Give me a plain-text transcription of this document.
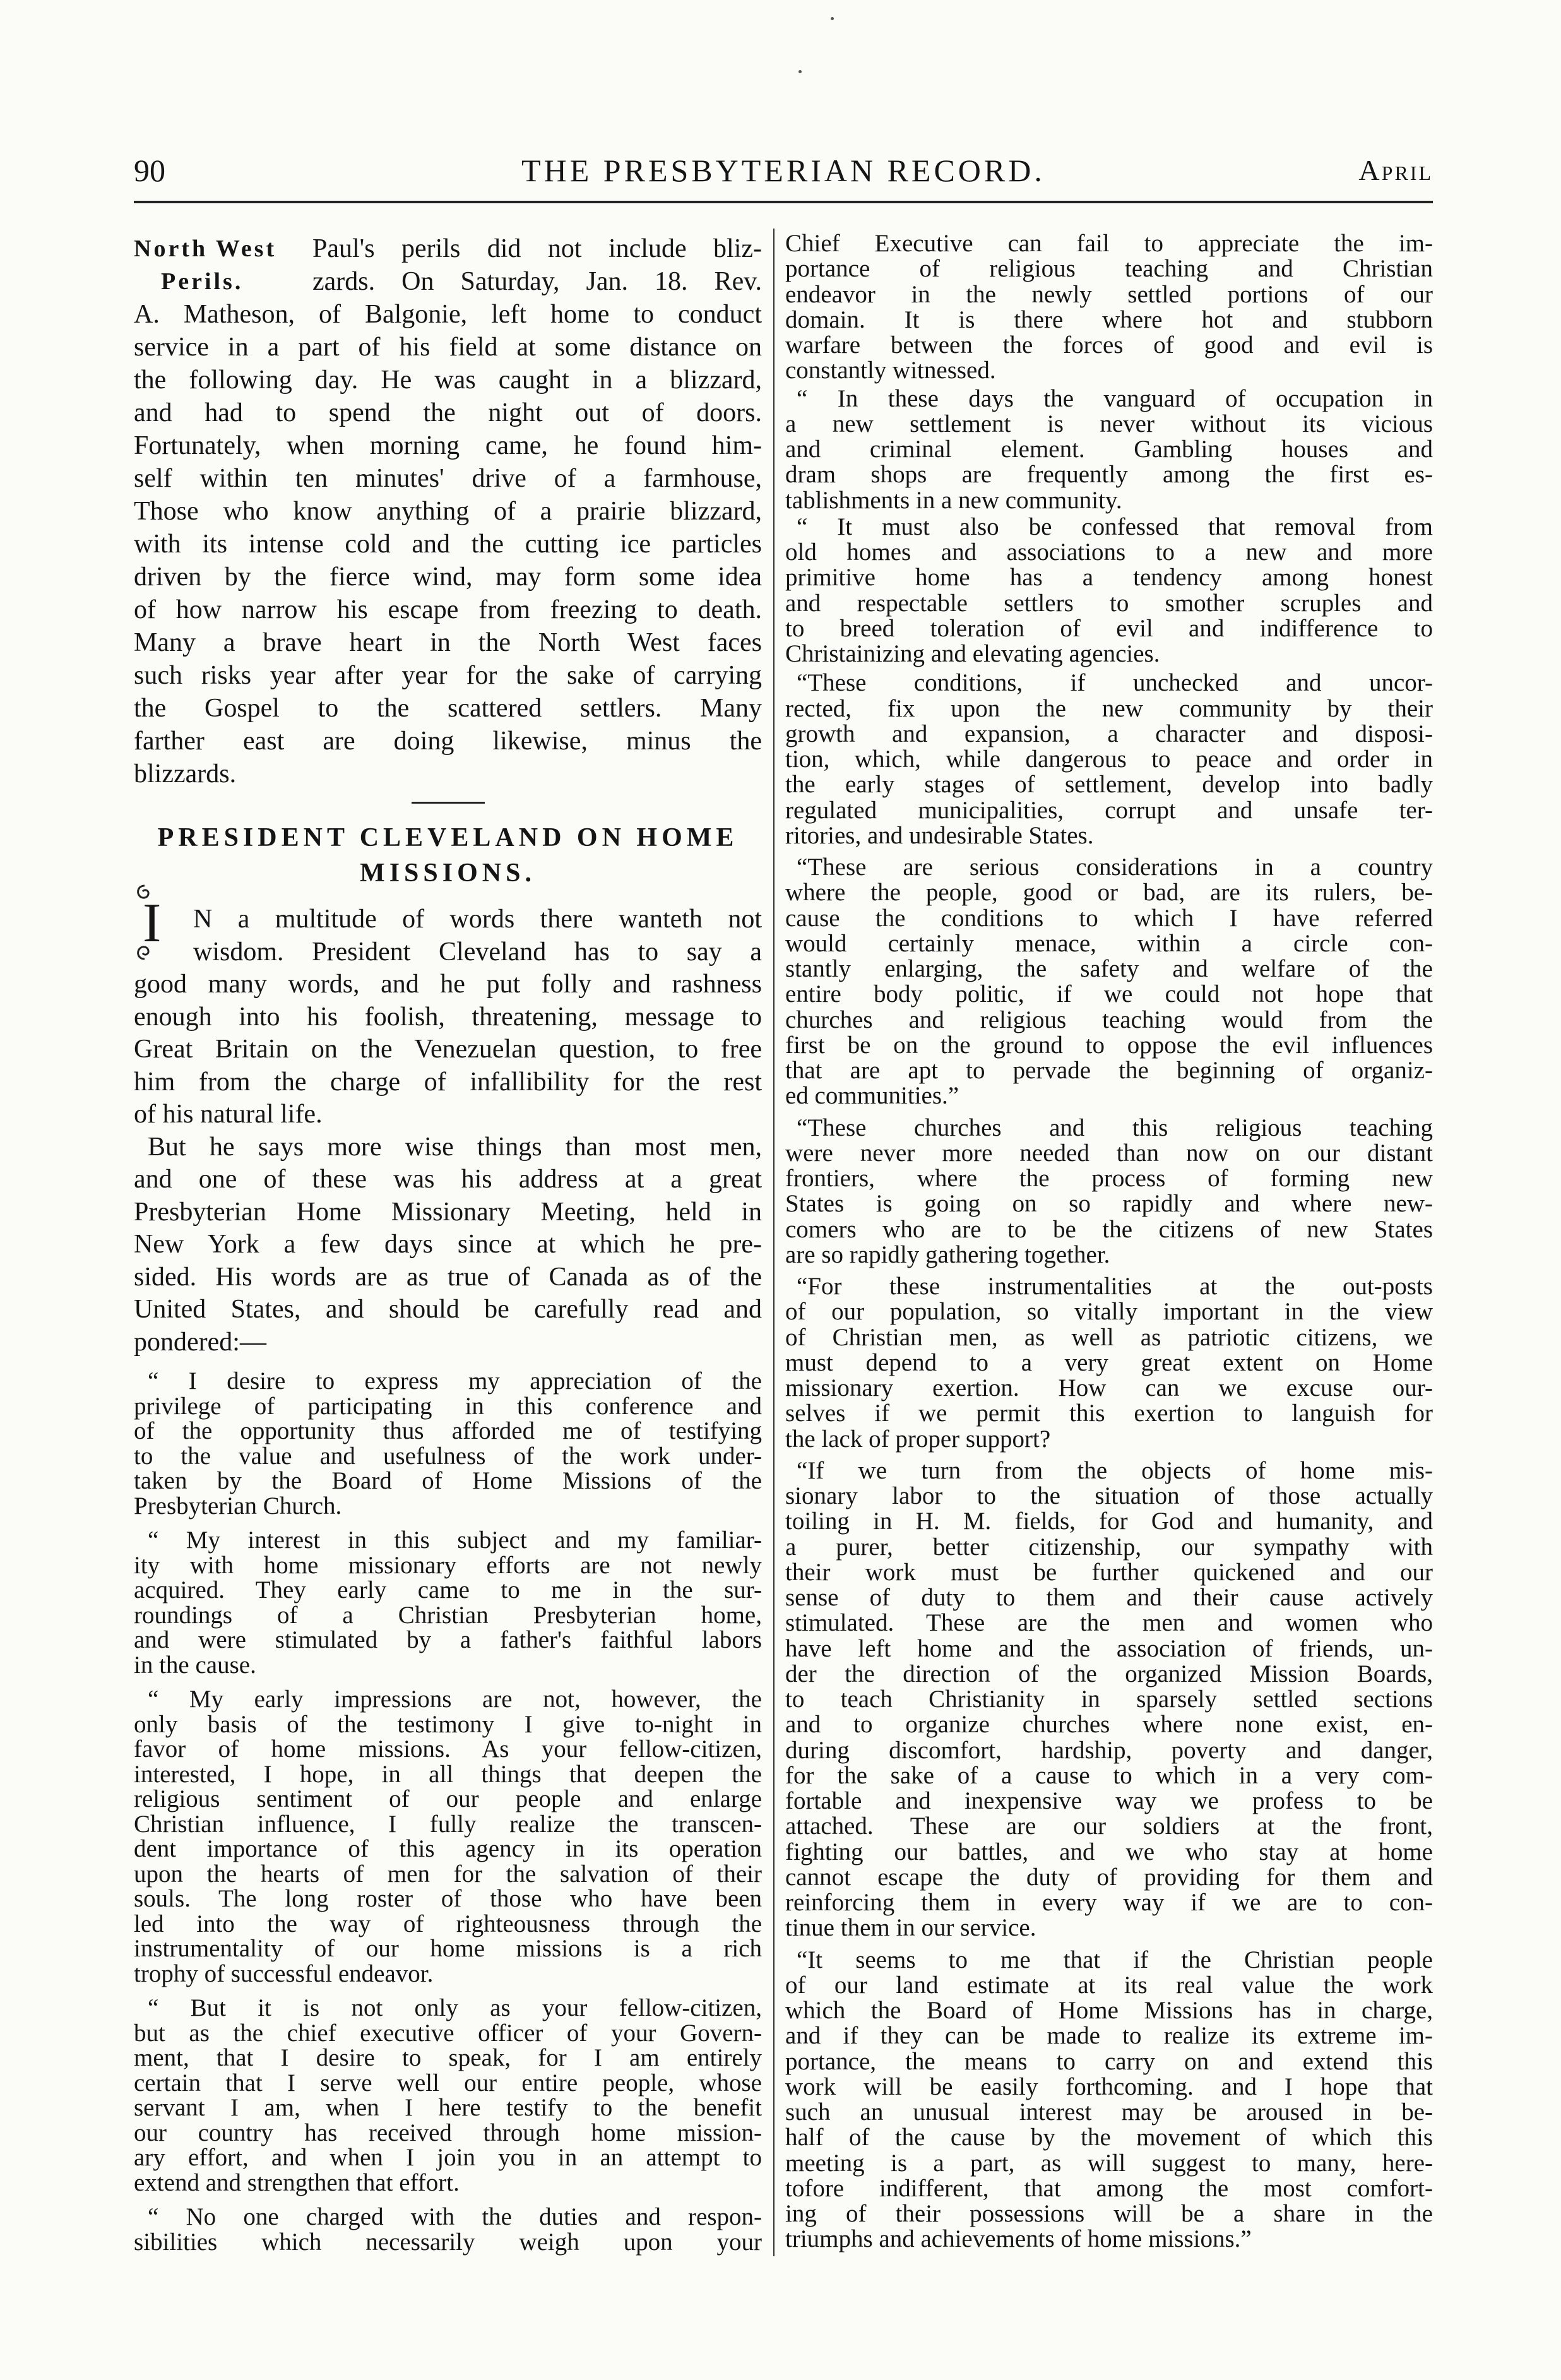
90	THE PRESBYTERIAN RECORD.	April
North West
Perils.
Paul's perils did not include bliz-
zards. On Saturday, Jan. 18. Rev.
A. Matheson, of Balgonie, left home to conduct
service in a part of his field at some distance on
the following day. He was caught in a blizzard,
and had to spend the night out of doors.
Fortunately, when morning came, he found him-
self within ten minutes' drive of a farmhouse,
Those who know anything of a prairie blizzard,
with its intense cold and the cutting ice particles
driven by the fierce wind, may form some idea
of how narrow his escape from freezing to death.
Many a brave heart in the North West faces
such risks year after year for the sake of carrying
the Gospel to the scattered settlers. Many
farther east are doing likewise, minus the
blizzards.
PRESIDENT CLEVELAND ON HOME
MISSIONS.
I	N a multitude of words there wanteth not
wisdom. President Cleveland has to say a
good many words, and he put folly and rashness
enough into his foolish, threatening, message to
Great Britain on the Venezuelan question, to free
him from the charge of infallibility for the rest
of his natural life.
But he says more wise things than most men,
and one of these was his address at a great
Presbyterian Home Missionary Meeting, held in
New York a few days since at which he pre-
sided. His words are as true of Canada as of the
United States, and should be carefully read and
pondered:—
“ I desire to express my appreciation of the
privilege of participating in this conference and
of the opportunity thus afforded me of testifying
to the value and usefulness of the work under-
taken by the Board of Home Missions of the
Presbyterian Church.
“ My interest in this subject and my familiar-
ity with home missionary efforts are not newly
acquired. They early came to me in the sur-
roundings of a Christian Presbyterian home,
and were stimulated by a father's faithful labors
in the cause.
“ My early impressions are not, however, the
only basis of the testimony I give to-night in
favor of home missions. As your fellow-citizen,
interested, I hope, in all things that deepen the
religious sentiment of our people and enlarge
Christian influence, I fully realize the transcen-
dent importance of this agency in its operation
upon the hearts of men for the salvation of their
souls. The long roster of those who have been
led into the way of righteousness through the
instrumentality of our home missions is a rich
trophy of successful endeavor.
“ But it is not only as your fellow-citizen,
but as the chief executive officer of your Govern-
ment, that I desire to speak, for I am entirely
certain that I serve well our entire people, whose
servant I am, when I here testify to the benefit
our country has received through home mission-
ary effort, and when I join you in an attempt to
extend and strengthen that effort.
“ No one charged with the duties and respon-
sibilities which necessarily weigh upon your
Chief Executive can fail to appreciate the im-
portance of religious teaching and Christian
endeavor in the newly settled portions of our
domain. It is there where hot and stubborn
warfare between the forces of good and evil is
constantly witnessed.
“ In these days the vanguard of occupation in
a new settlement is never without its vicious
and criminal element. Gambling houses and
dram shops are frequently among the first es-
tablishments in a new community.
“ It must also be confessed that removal from
old homes and associations to a new and more
primitive home has a tendency among honest
and respectable settlers to smother scruples and
to breed toleration of evil and indifference to
Christainizing and elevating agencies.
“These conditions, if unchecked and uncor-
rected, fix upon the new community by their
growth and expansion, a character and disposi-
tion, which, while dangerous to peace and order in
the early stages of settlement, develop into badly
regulated municipalities, corrupt and unsafe ter-
ritories, and undesirable States.
“These are serious considerations in a country
where the people, good or bad, are its rulers, be-
cause the conditions to which I have referred
would certainly menace, within a circle con-
stantly enlarging, the safety and welfare of the
entire body politic, if we could not hope that
churches and religious teaching would from the
first be on the ground to oppose the evil influences
that are apt to pervade the beginning of organiz-
ed communities.”
“These churches and this religious teaching
were never more needed than now on our distant
frontiers, where the process of forming new
States is going on so rapidly and where new-
comers who are to be the citizens of new States
are so rapidly gathering together.
“For these instrumentalities at the out-posts
of our population, so vitally important in the view
of Christian men, as well as patriotic citizens, we
must depend to a very great extent on Home
missionary exertion. How can we excuse our-
selves if we permit this exertion to languish for
the lack of proper support?
“If we turn from the objects of home mis-
sionary labor to the situation of those actually
toiling in H. M. fields, for God and humanity, and
a purer, better citizenship, our sympathy with
their work must be further quickened and our
sense of duty to them and their cause actively
stimulated. These are the men and women who
have left home and the association of friends, un-
der the direction of the organized Mission Boards,
to teach Christianity in sparsely settled sections
and to organize churches where none exist, en-
during discomfort, hardship, poverty and danger,
for the sake of a cause to which in a very com-
fortable and inexpensive way we profess to be
attached. These are our soldiers at the front,
fighting our battles, and we who stay at home
cannot escape the duty of providing for them and
reinforcing them in every way if we are to con-
tinue them in our service.
“It seems to me that if the Christian people
of our land estimate at its real value the work
which the Board of Home Missions has in charge,
and if they can be made to realize its extreme im-
portance, the means to carry on and extend this
work will be easily forthcoming. and I hope that
such an unusual interest may be aroused in be-
half of the cause by the movement of which this
meeting is a part, as will suggest to many, here-
tofore indifferent, that among the most comfort-
ing of their possessions will be a share in the
triumphs and achievements of home missions.”
